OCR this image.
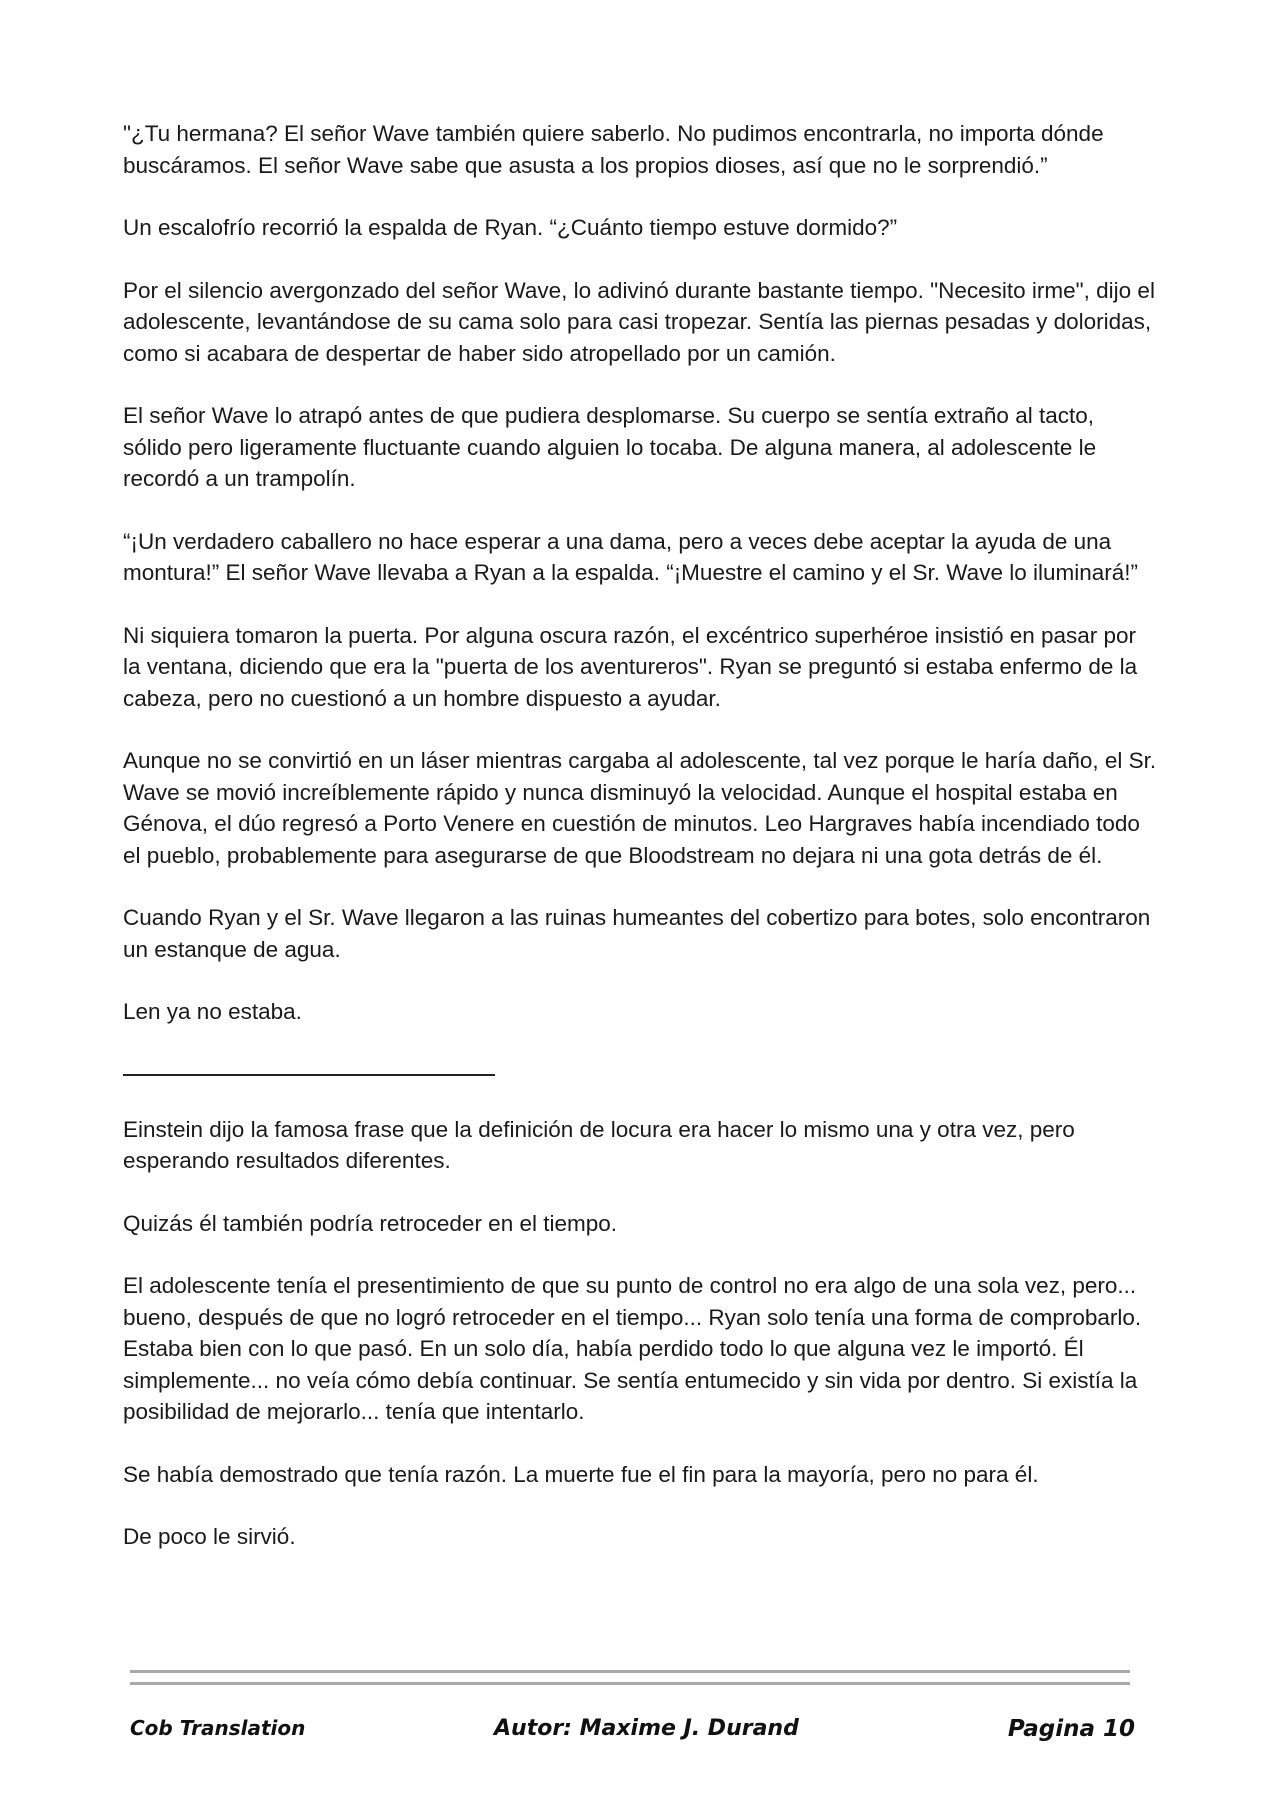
"¿Tu hermana? El señor Wave también quiere saberlo. No pudimos encontrarla, no importa dónde buscáramos. El señor Wave sabe que asusta a los propios dioses, así que no le sorprendió.”

Un escalofrío recorrió la espalda de Ryan. “¿Cuánto tiempo estuve dormido?”

Por el silencio avergonzado del señor Wave, lo adivinó durante bastante tiempo. "Necesito irme", dijo el adolescente, levantándose de su cama solo para casi tropezar. Sentía las piernas pesadas y doloridas, como si acabara de despertar de haber sido atropellado por un camión.

El señor Wave lo atrapó antes de que pudiera desplomarse. Su cuerpo se sentía extraño al tacto, sólido pero ligeramente fluctuante cuando alguien lo tocaba. De alguna manera, al adolescente le recordó a un trampolín.

“¡Un verdadero caballero no hace esperar a una dama, pero a veces debe aceptar la ayuda de una montura!” El señor Wave llevaba a Ryan a la espalda. “¡Muestre el camino y el Sr. Wave lo iluminará!”

Ni siquiera tomaron la puerta. Por alguna oscura razón, el excéntrico superhéroe insistió en pasar por la ventana, diciendo que era la "puerta de los aventureros". Ryan se preguntó si estaba enfermo de la cabeza, pero no cuestionó a un hombre dispuesto a ayudar.

Aunque no se convirtió en un láser mientras cargaba al adolescente, tal vez porque le haría daño, el Sr. Wave se movió increíblemente rápido y nunca disminuyó la velocidad. Aunque el hospital estaba en Génova, el dúo regresó a Porto Venere en cuestión de minutos. Leo Hargraves había incendiado todo el pueblo, probablemente para asegurarse de que Bloodstream no dejara ni una gota detrás de él.

Cuando Ryan y el Sr. Wave llegaron a las ruinas humeantes del cobertizo para botes, solo encontraron un estanque de agua.

Len ya no estaba.

Einstein dijo la famosa frase que la definición de locura era hacer lo mismo una y otra vez, pero esperando resultados diferentes.

Quizás él también podría retroceder en el tiempo.

El adolescente tenía el presentimiento de que su punto de control no era algo de una sola vez, pero... bueno, después de que no logró retroceder en el tiempo... Ryan solo tenía una forma de comprobarlo. Estaba bien con lo que pasó. En un solo día, había perdido todo lo que alguna vez le importó. Él simplemente... no veía cómo debía continuar. Se sentía entumecido y sin vida por dentro. Si existía la posibilidad de mejorarlo... tenía que intentarlo.

Se había demostrado que tenía razón. La muerte fue el fin para la mayoría, pero no para él.

De poco le sirvió.

Cob Translation	Autor: Maxime J. Durand	Pagina 10
